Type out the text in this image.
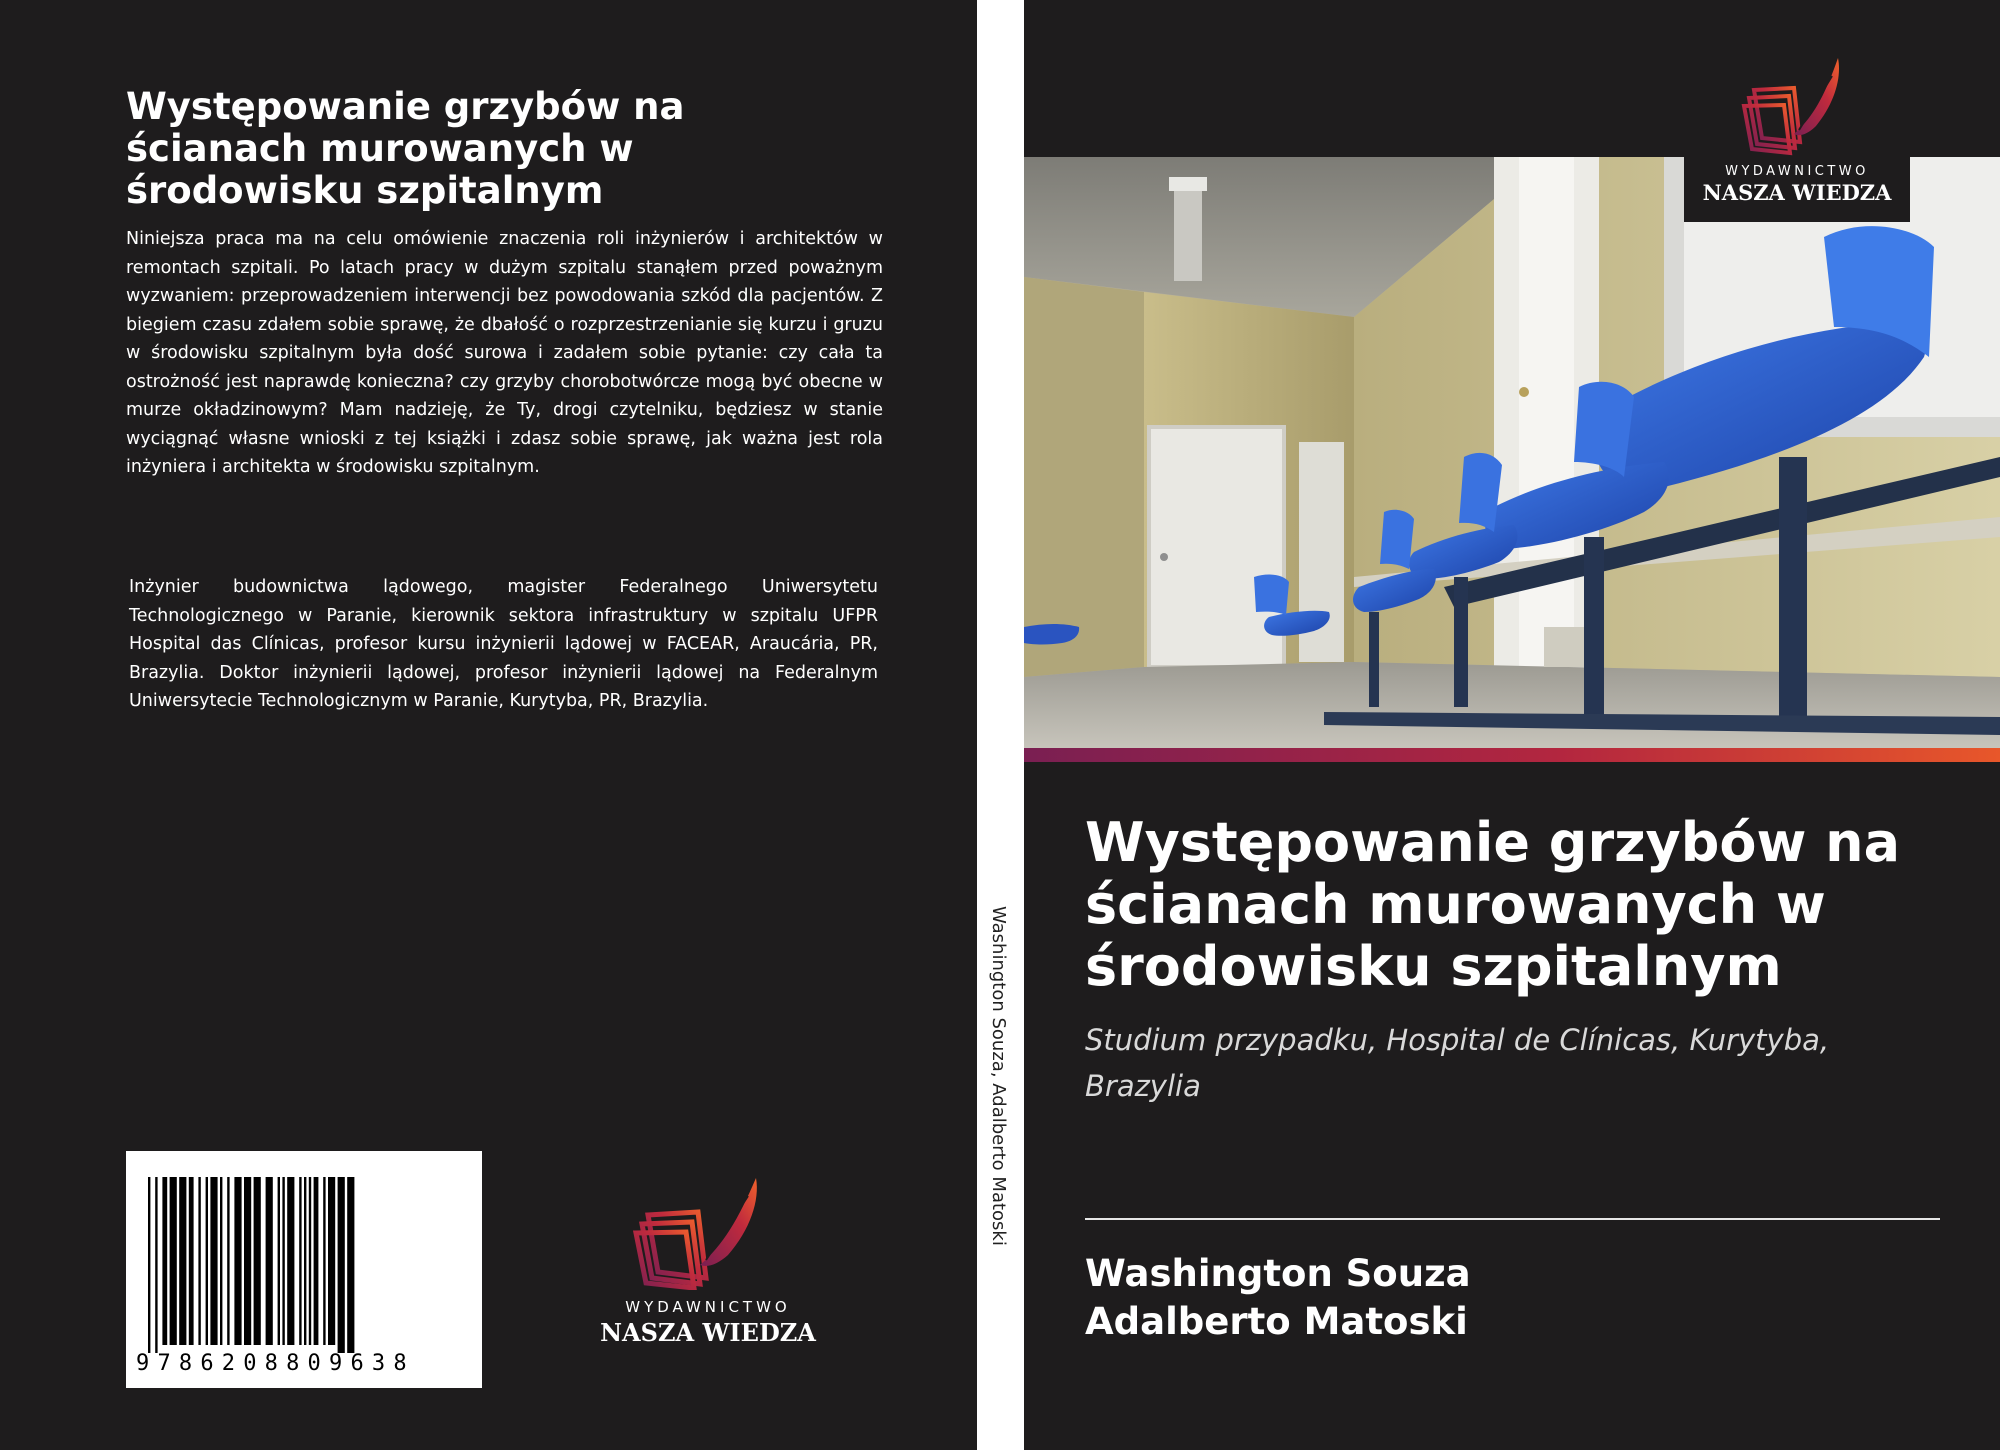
Występowanie grzybów na ścianach murowanych w środowisku szpitalnym

Niniejsza praca ma na celu omówienie znaczenia roli inżynierów i architektów w remontach szpitali. Po latach pracy w dużym szpitalu stanąłem przed poważnym wyzwaniem: przeprowadzeniem interwencji bez powodowania szkód dla pacjentów. Z biegiem czasu zdałem sobie sprawę, że dbałość o rozprzestrzenianie się kurzu i gruzu w środowisku szpitalnym była dość surowa i zadałem sobie pytanie: czy cała ta ostrożność jest naprawdę konieczna? czy grzyby chorobotwórcze mogą być obecne w murze okładzinowym? Mam nadzieję, że Ty, drogi czytelniku, będziesz w stanie wyciągnąć własne wnioski z tej książki i zdasz sobie sprawę, jak ważna jest rola inżyniera i architekta w środowisku szpitalnym.

Inżynier budownictwa lądowego, magister Federalnego Uniwersytetu Technologicznego w Paranie, kierownik sektora infrastruktury w szpitalu UFPR Hospital das Clínicas, profesor kursu inżynierii lądowej w FACEAR, Araucária, PR, Brazylia. Doktor inżynierii lądowej, profesor inżynierii lądowej na Federalnym Uniwersytecie Technologicznym w Paranie, Kurytyba, PR, Brazylia.

9786208809638
WYDAWNICTWO
NASZA WIEDZA
Washington Souza, Adalberto Matoski
WYDAWNICTWO
NASZA WIEDZA
Występowanie grzybów na ścianach murowanych w środowisku szpitalnym

Studium przypadku, Hospital de Clínicas, Kurytyba, Brazylia

Washington Souza
Adalberto Matoski
